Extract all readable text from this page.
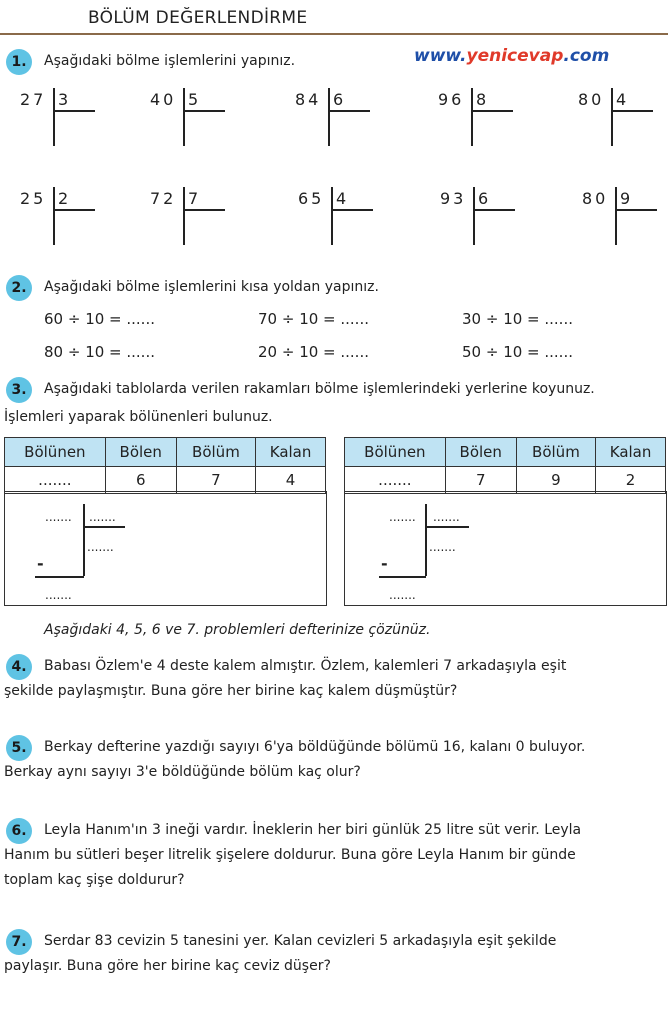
BÖLÜM DEĞERLENDİRME
1.	Aşağıdaki bölme işlemlerini yapınız.	www.yenicevap.com
27 3	40 5	84 6	96 8	80 4
25 2	72 7	65 4	93 6	80 9
2.	Aşağıdaki bölme işlemlerini kısa yoldan yapınız.
60 ÷ 10 = ......	70 ÷ 10 = ......	30 ÷ 10 = ......
80 ÷ 10 = ......	20 ÷ 10 = ......	50 ÷ 10 = ......
3.	Aşağıdaki tablolarda verilen rakamları bölme işlemlerindeki yerlerine koyunuz.
İşlemleri yaparak bölünenleri bulunuz.
Bölünen	Bölen	Bölüm	Kalan
.......	6	7	4
....... .......
.......
-
.......
Bölünen	Bölen	Bölüm	Kalan
.......	7	9	2
....... .......
.......
-
.......
Aşağıdaki 4, 5, 6 ve 7. problemleri defterinize çözünüz.
4.	Babası Özlem'e 4 deste kalem almıştır. Özlem, kalemleri 7 arkadaşıyla eşit
şekilde paylaşmıştır. Buna göre her birine kaç kalem düşmüştür?
5.	Berkay defterine yazdığı sayıyı 6'ya böldüğünde bölümü 16, kalanı 0 buluyor.
Berkay aynı sayıyı 3'e böldüğünde bölüm kaç olur?
6.	Leyla Hanım'ın 3 ineği vardır. İneklerin her biri günlük 25 litre süt verir. Leyla
Hanım bu sütleri beşer litrelik şişelere doldurur. Buna göre Leyla Hanım bir günde
toplam kaç şişe doldurur?
7.	Serdar 83 cevizin 5 tanesini yer. Kalan cevizleri 5 arkadaşıyla eşit şekilde
paylaşır. Buna göre her birine kaç ceviz düşer?
